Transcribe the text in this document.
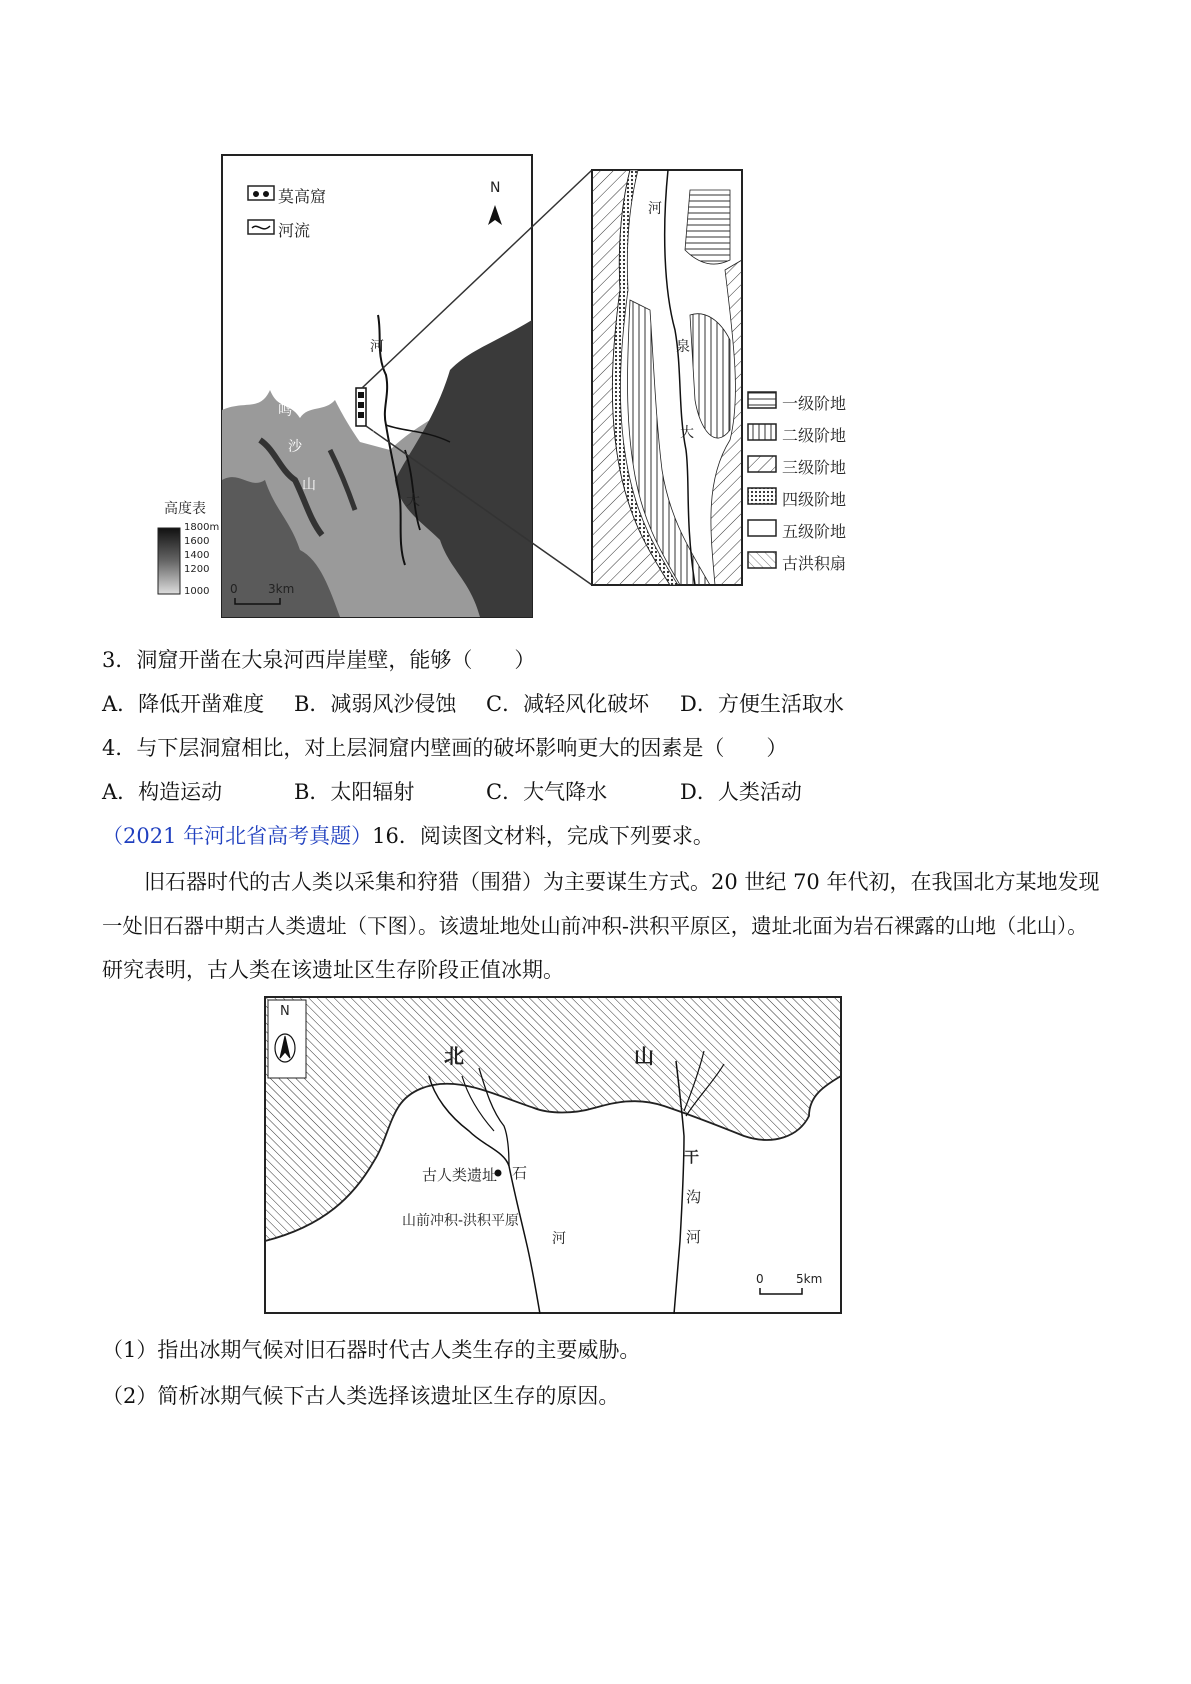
莫高窟
河流
N
河
泉
鸣
沙
山
大
高度表
1800m
1600
1400
1200
1000 0	3km
河
泉
大
一级阶地
二级阶地
三级阶地
四级阶地
五级阶地
古洪积扇
3．洞窟开凿在大泉河西岸崖壁，能够（　　）
A．降低开凿难度 B．减弱风沙侵蚀 C．减轻风化破坏 D．方便生活取水
4．与下层洞窟相比，对上层洞窟内壁画的破坏影响更大的因素是（　　）
A．构造运动	B．太阳辐射	C．大气降水	D．人类活动
（2021 年河北省高考真题）16．阅读图文材料，完成下列要求。
旧石器时代的古人类以采集和狩猎（围猎）为主要谋生方式。20 世纪 70 年代初，在我国北方某地发现
一处旧石器中期古人类遗址（下图）。该遗址地处山前冲积-洪积平原区，遗址北面为岩石裸露的山地（北山）。
研究表明，古人类在该遗址区生存阶段正值冰期。
N
北	山
古人类遗址 石
山前冲积-洪积平原
河
干
沟
河
0	5km
（1）指出冰期气候对旧石器时代古人类生存的主要威胁。
（2）简析冰期气候下古人类选择该遗址区生存的原因。
